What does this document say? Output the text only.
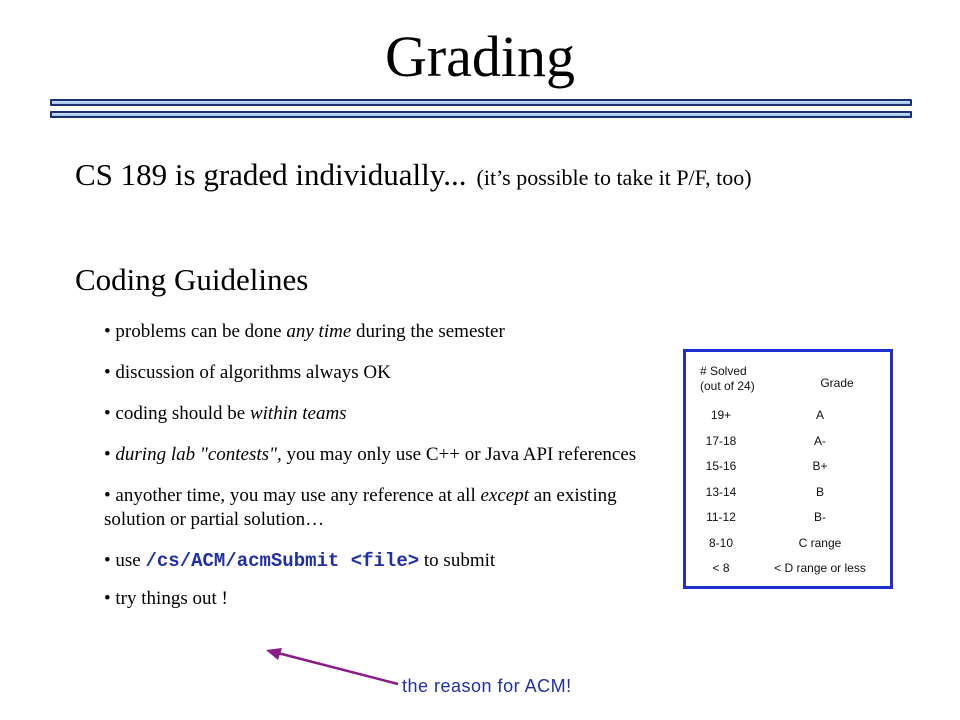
Grading
CS 189 is graded individually... (it’s possible to take it P/F, too)
Coding Guidelines
• problems can be done any time during the semester
• discussion of algorithms always OK
• coding should be within teams
• during lab "contests", you may only use C++ or Java API references
• anyother time, you may use any reference at all except an existing solution or partial solution…
• use /cs/ACM/acmSubmit <file> to submit
• try things out !
# Solved
(out of 24)	Grade
19+	A
17-18	A-
15-16	B+
13-14	B
11-12	B-
8-10	C range
< 8	< D range or less
the reason for ACM!
